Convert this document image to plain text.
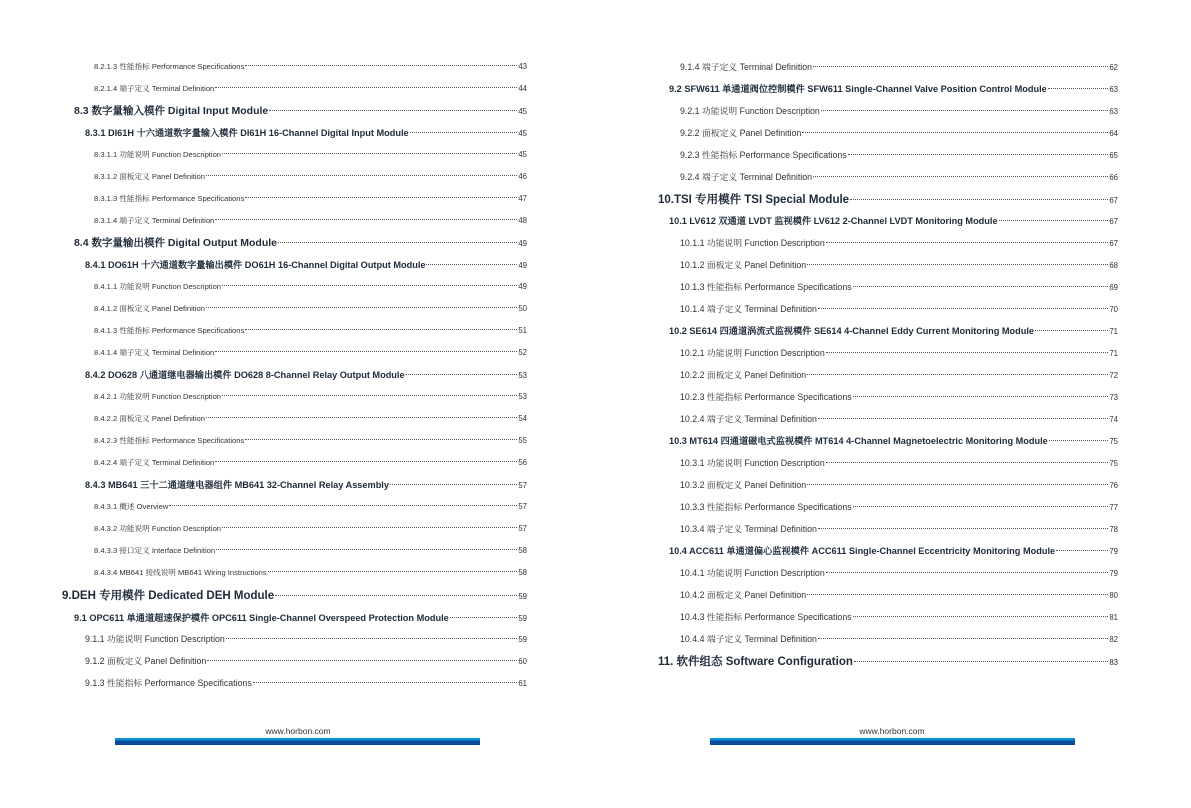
8.2.1.3 性能指标 Performance Specifications	43
8.2.1.4 端子定义 Terminal Definition	44
8.3 数字量输入模件 Digital Input Module	45
8.3.1 DI61H 十六通道数字量输入模件 DI61H 16-Channel Digital Input Module	45
8.3.1.1 功能说明 Function Description	45
8.3.1.2 面板定义 Panel Definition	46
8.3.1.3 性能指标 Performance Specifications	47
8.3.1.4 端子定义 Terminal Definition	48
8.4 数字量输出模件 Digital Output Module	49
8.4.1 DO61H 十六通道数字量输出模件 DO61H 16-Channel Digital Output Module	49
8.4.1.1 功能说明 Function Description	49
8.4.1.2 面板定义 Panel Definition	50
8.4.1.3 性能指标 Performance Specifications	51
8.4.1.4 端子定义 Terminal Definition	52
8.4.2 DO628 八通道继电器输出模件 DO628 8-Channel Relay Output Module	53
8.4.2.1 功能说明 Function Description	53
8.4.2.2 面板定义 Panel Definition	54
8.4.2.3 性能指标 Performance Specifications	55
8.4.2.4 端子定义 Terminal Definition	56
8.4.3 MB641 三十二通道继电器组件 MB641 32-Channel Relay Assembly	57
8.4.3.1 概述 Overview	57
8.4.3.2 功能说明 Function Description	57
8.4.3.3 接口定义 Interface Definition	58
8.4.3.4 MB641 接线说明 MB641 Wiring Instructions	58
9.DEH 专用模件 Dedicated DEH Module	59
9.1 OPC611 单通道超速保护模件 OPC611 Single-Channel Overspeed Protection Module	59
9.1.1 功能说明 Function Description	59
9.1.2 面板定义 Panel Definition	60
9.1.3 性能指标 Performance Specifications	61
www.horbon.com
9.1.4 端子定义 Terminal Definition	62
9.2 SFW611 单通道阀位控制模件 SFW611 Single-Channel Valve Position Control Module	63
9.2.1 功能说明 Function Description	63
9.2.2 面板定义 Panel Definition	64
9.2.3 性能指标 Performance Specifications	65
9.2.4 端子定义 Terminal Definition	66
10.TSI 专用模件 TSI Special Module	67
10.1 LV612 双通道 LVDT 监视模件 LV612 2-Channel LVDT Monitoring Module	67
10.1.1 功能说明 Function Description	67
10.1.2 面板定义 Panel Definition	68
10.1.3 性能指标 Performance Specifications	69
10.1.4 端子定义 Terminal Definition	70
10.2 SE614 四通道涡流式监视模件 SE614 4-Channel Eddy Current Monitoring Module	71
10.2.1 功能说明 Function Description	71
10.2.2 面板定义 Panel Definition	72
10.2.3 性能指标 Performance Specifications	73
10.2.4 端子定义 Terminal Definition	74
10.3 MT614 四通道磁电式监视模件 MT614 4-Channel Magnetoelectric Monitoring Module	75
10.3.1 功能说明 Function Description	75
10.3.2 面板定义 Panel Definition	76
10.3.3 性能指标 Performance Specifications	77
10.3.4 端子定义 Terminal Definition	78
10.4 ACC611 单通道偏心监视模件 ACC611 Single-Channel Eccentricity Monitoring Module	79
10.4.1 功能说明 Function Description	79
10.4.2 面板定义 Panel Definition	80
10.4.3 性能指标 Performance Specifications	81
10.4.4 端子定义 Terminal Definition	82
11. 软件组态 Software Configuration	83
www.horbon.com
